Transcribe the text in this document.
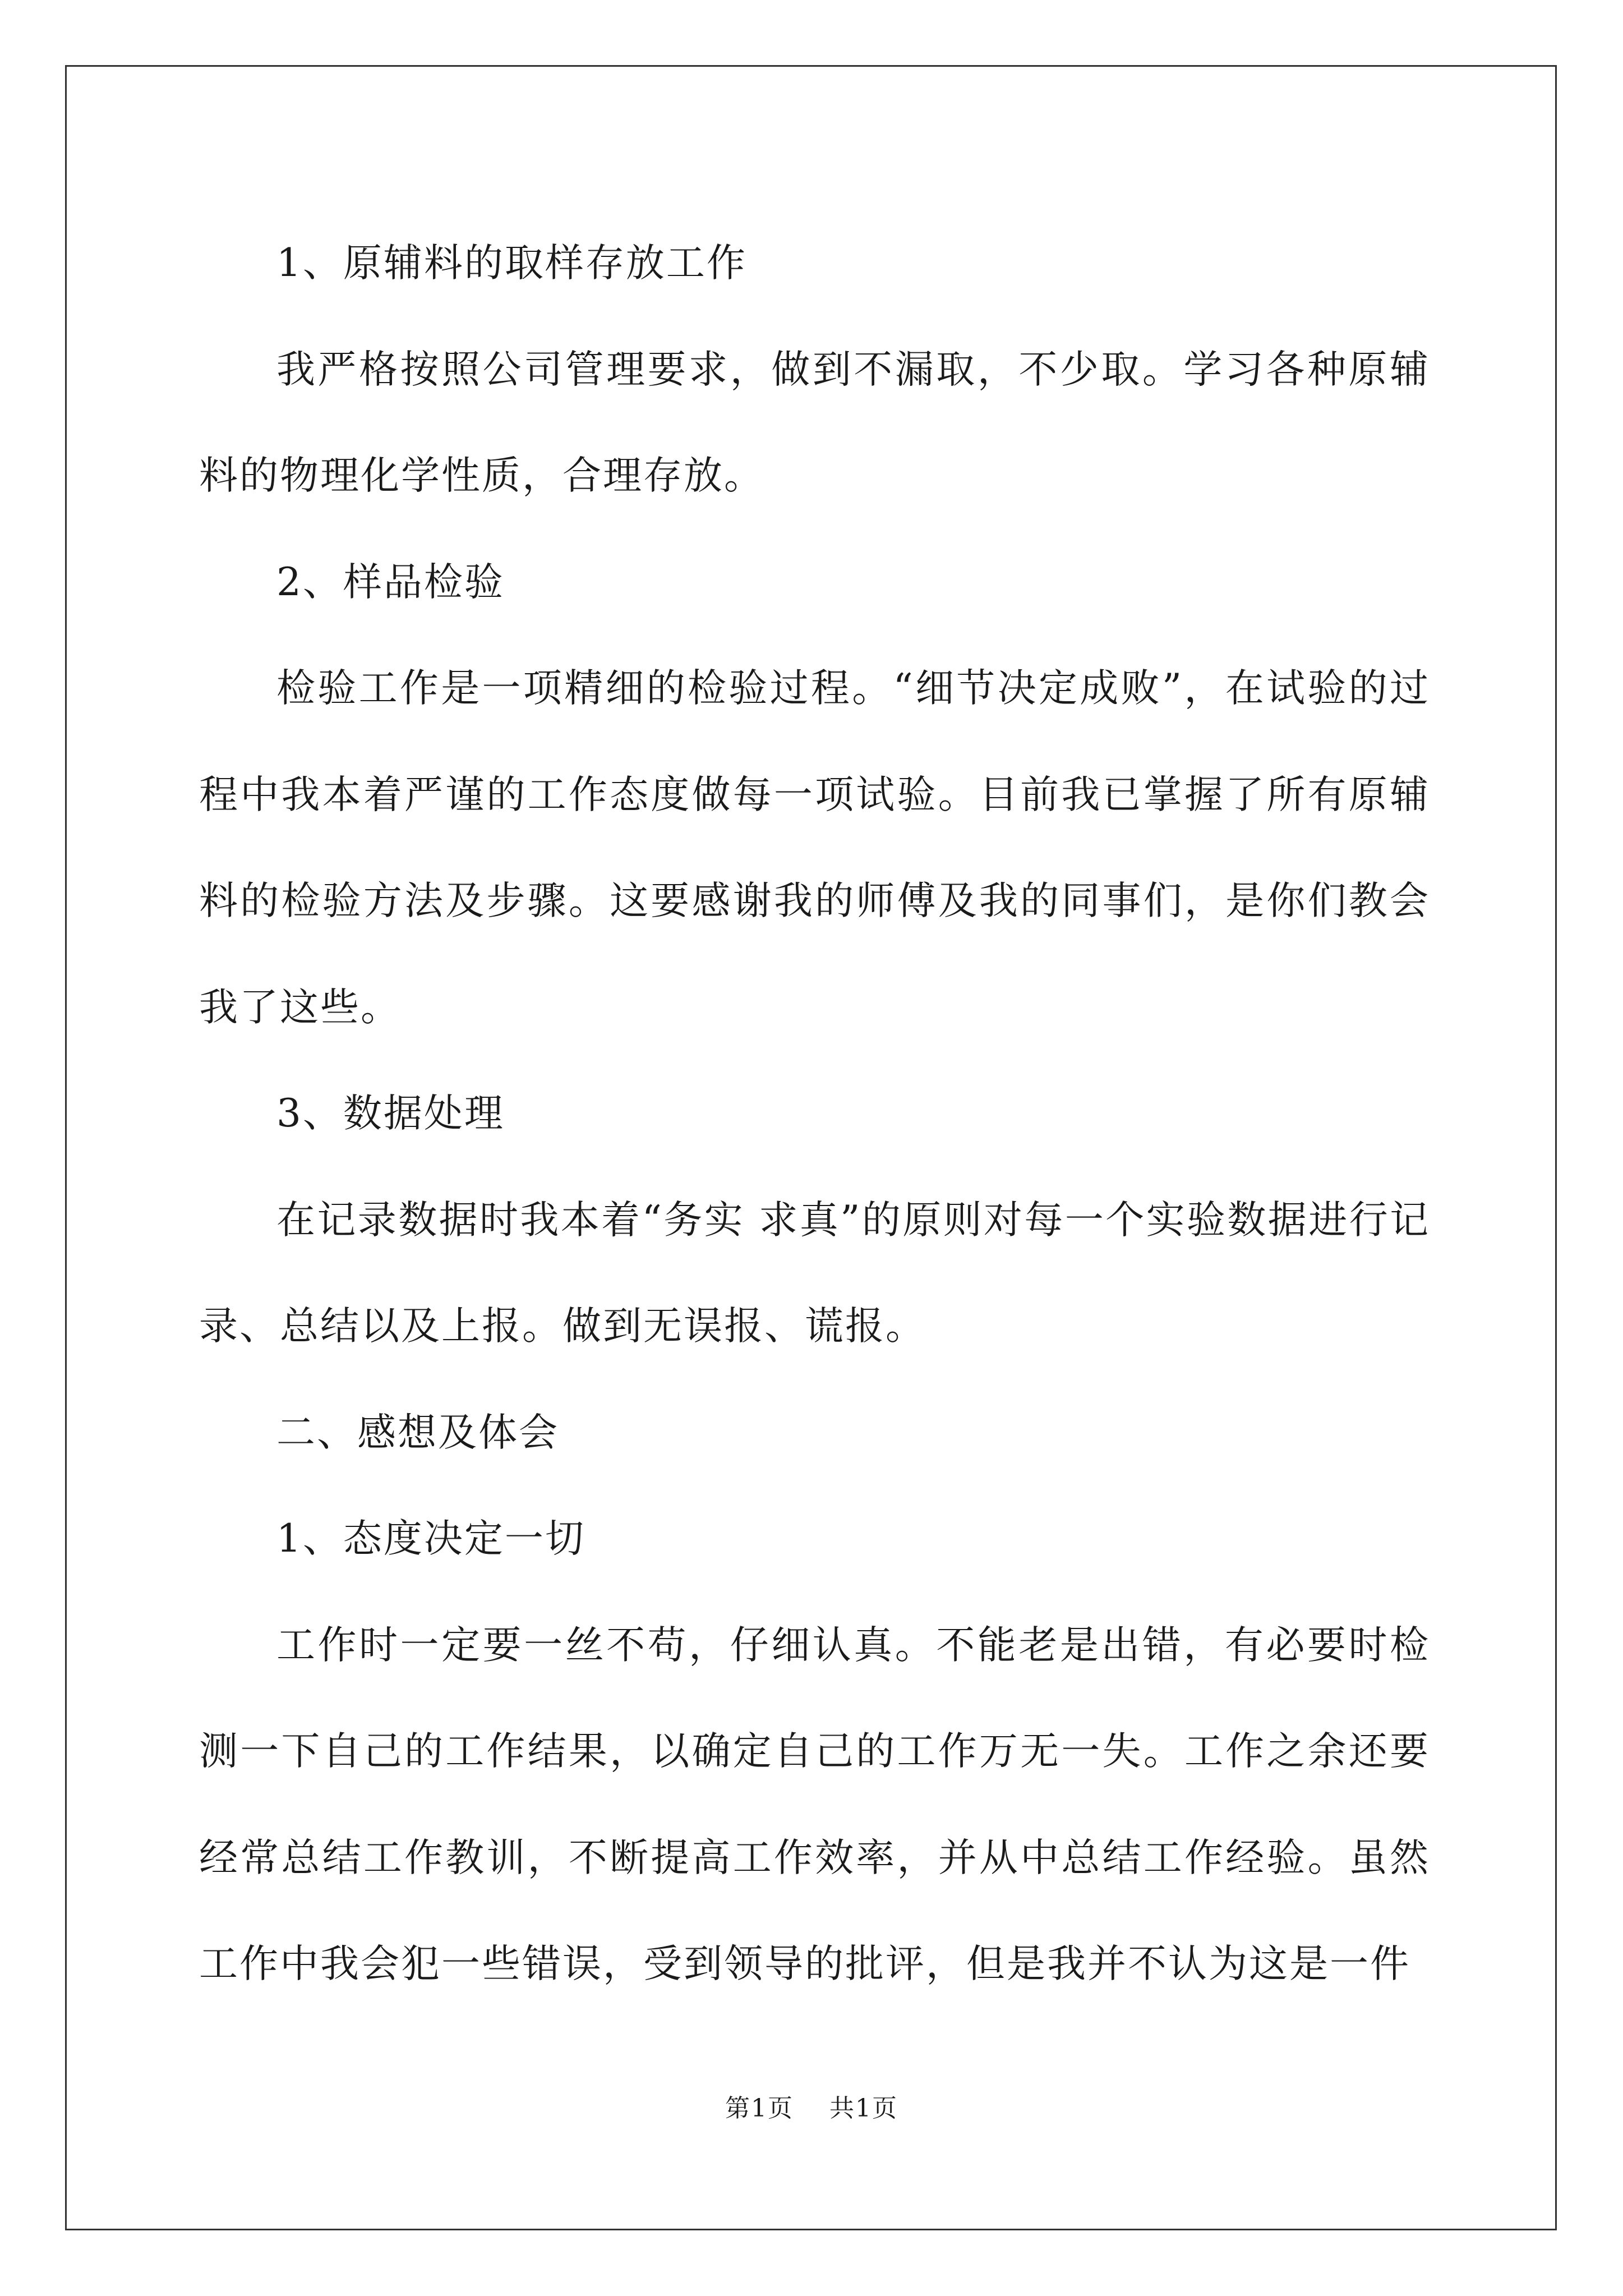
1、原辅料的取样存放工作

我严格按照公司管理要求，做到不漏取，不少取。学习各种原辅料的物理化学性质，合理存放。

2、样品检验

检验工作是一项精细的检验过程。“细节决定成败”，在试验的过程中我本着严谨的工作态度做每一项试验。目前我已掌握了所有原辅料的检验方法及步骤。这要感谢我的师傅及我的同事们，是你们教会我了这些。

3、数据处理

在记录数据时我本着“务实 求真”的原则对每一个实验数据进行记录、总结以及上报。做到无误报、谎报。

二、感想及体会

1、态度决定一切

工作时一定要一丝不苟，仔细认真。不能老是出错，有必要时检测一下自己的工作结果，以确定自己的工作万无一失。工作之余还要经常总结工作教训，不断提高工作效率，并从中总结工作经验。虽然工作中我会犯一些错误，受到领导的批评，但是我并不认为这是一件

第1页 共1页
